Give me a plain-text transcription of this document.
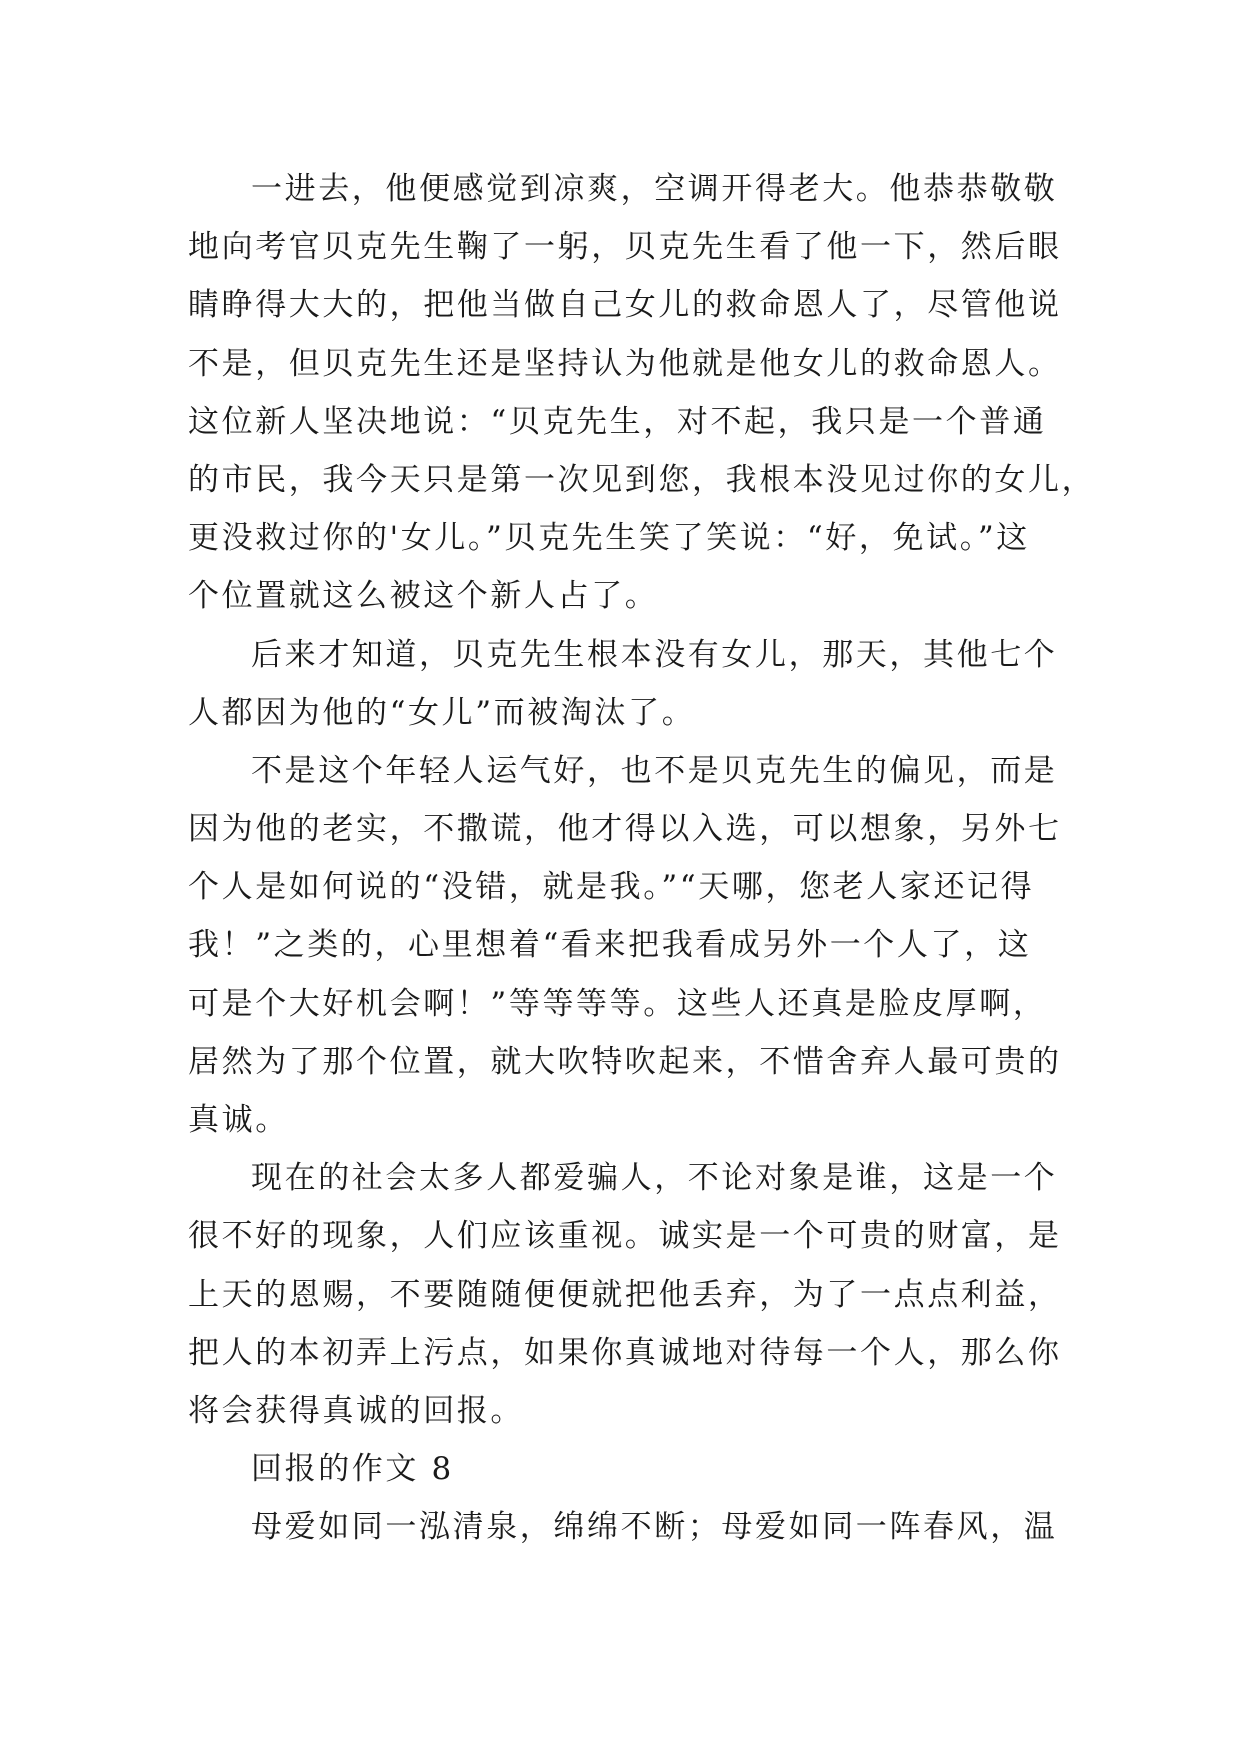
一进去，他便感觉到凉爽，空调开得老大。他恭恭敬敬
地向考官贝克先生鞠了一躬，贝克先生看了他一下，然后眼
睛睁得大大的，把他当做自己女儿的救命恩人了，尽管他说
不是，但贝克先生还是坚持认为他就是他女儿的救命恩人。
这位新人坚决地说：“贝克先生，对不起，我只是一个普通
的市民，我今天只是第一次见到您，我根本没见过你的女儿，
更没救过你的'女儿。”贝克先生笑了笑说：“好，免试。”这
个位置就这么被这个新人占了。
后来才知道，贝克先生根本没有女儿，那天，其他七个
人都因为他的“女儿”而被淘汰了。
不是这个年轻人运气好，也不是贝克先生的偏见，而是
因为他的老实，不撒谎，他才得以入选，可以想象，另外七
个人是如何说的“没错，就是我。”“天哪，您老人家还记得
我！”之类的，心里想着“看来把我看成另外一个人了，这
可是个大好机会啊！”等等等等。这些人还真是脸皮厚啊，
居然为了那个位置，就大吹特吹起来，不惜舍弃人最可贵的
真诚。
现在的社会太多人都爱骗人，不论对象是谁，这是一个
很不好的现象，人们应该重视。诚实是一个可贵的财富，是
上天的恩赐，不要随随便便就把他丢弃，为了一点点利益，
把人的本初弄上污点，如果你真诚地对待每一个人，那么你
将会获得真诚的回报。
回报的作文 8
母爱如同一泓清泉，绵绵不断；母爱如同一阵春风，温
